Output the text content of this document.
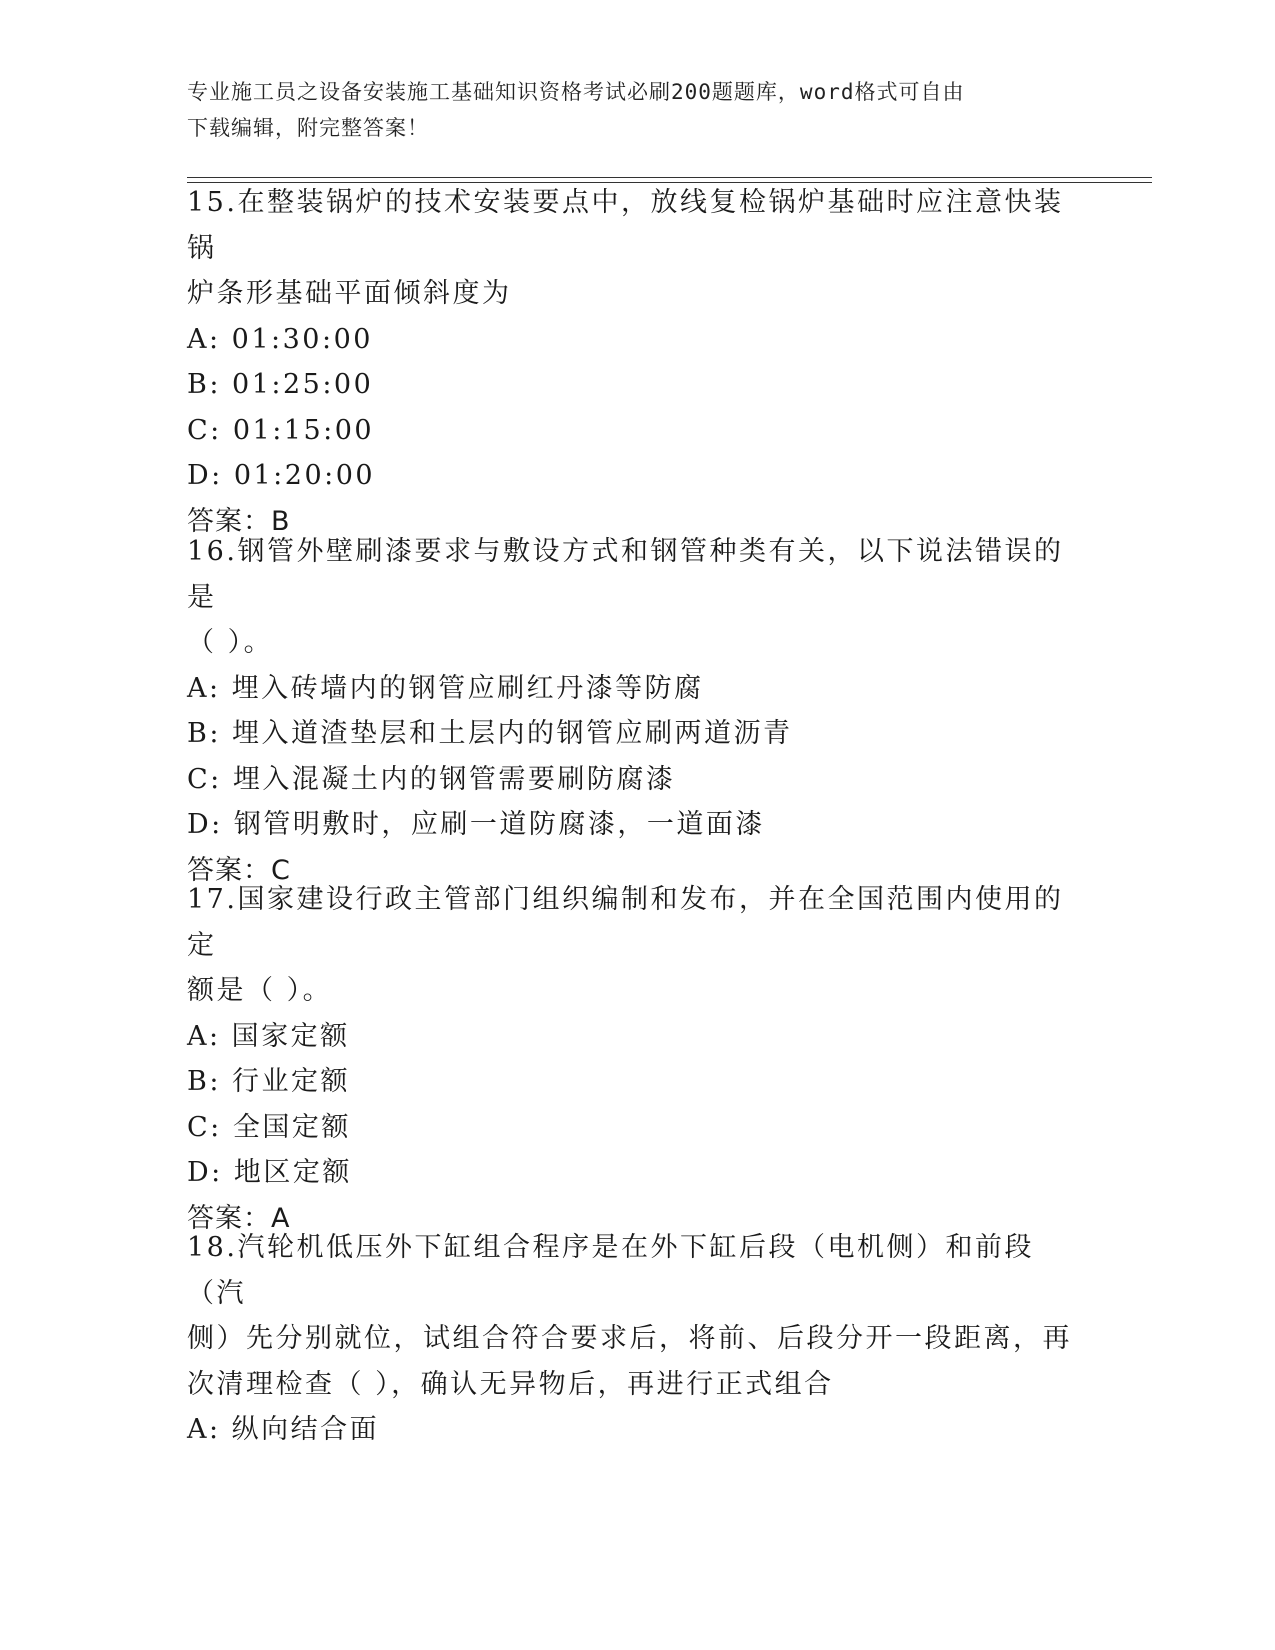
专业施工员之设备安装施工基础知识资格考试必刷200题题库，word格式可自由
下载编辑，附完整答案！
15.在整装锅炉的技术安装要点中，放线复检锅炉基础时应注意快装锅
炉条形基础平面倾斜度为
A: 01:30:00
B: 01:25:00
C: 01:15:00
D: 01:20:00
答案：B
16.钢管外壁刷漆要求与敷设方式和钢管种类有关，以下说法错误的是
（ ）。
A: 埋入砖墙内的钢管应刷红丹漆等防腐
B: 埋入道渣垫层和土层内的钢管应刷两道沥青
C: 埋入混凝土内的钢管需要刷防腐漆
D: 钢管明敷时，应刷一道防腐漆，一道面漆
答案：C
17.国家建设行政主管部门组织编制和发布，并在全国范围内使用的定
额是（ ）。
A: 国家定额
B: 行业定额
C: 全国定额
D: 地区定额
答案：A
18.汽轮机低压外下缸组合程序是在外下缸后段（电机侧）和前段（汽
侧）先分别就位，试组合符合要求后，将前、后段分开一段距离，再
次清理检查（ ），确认无异物后，再进行正式组合
A: 纵向结合面
